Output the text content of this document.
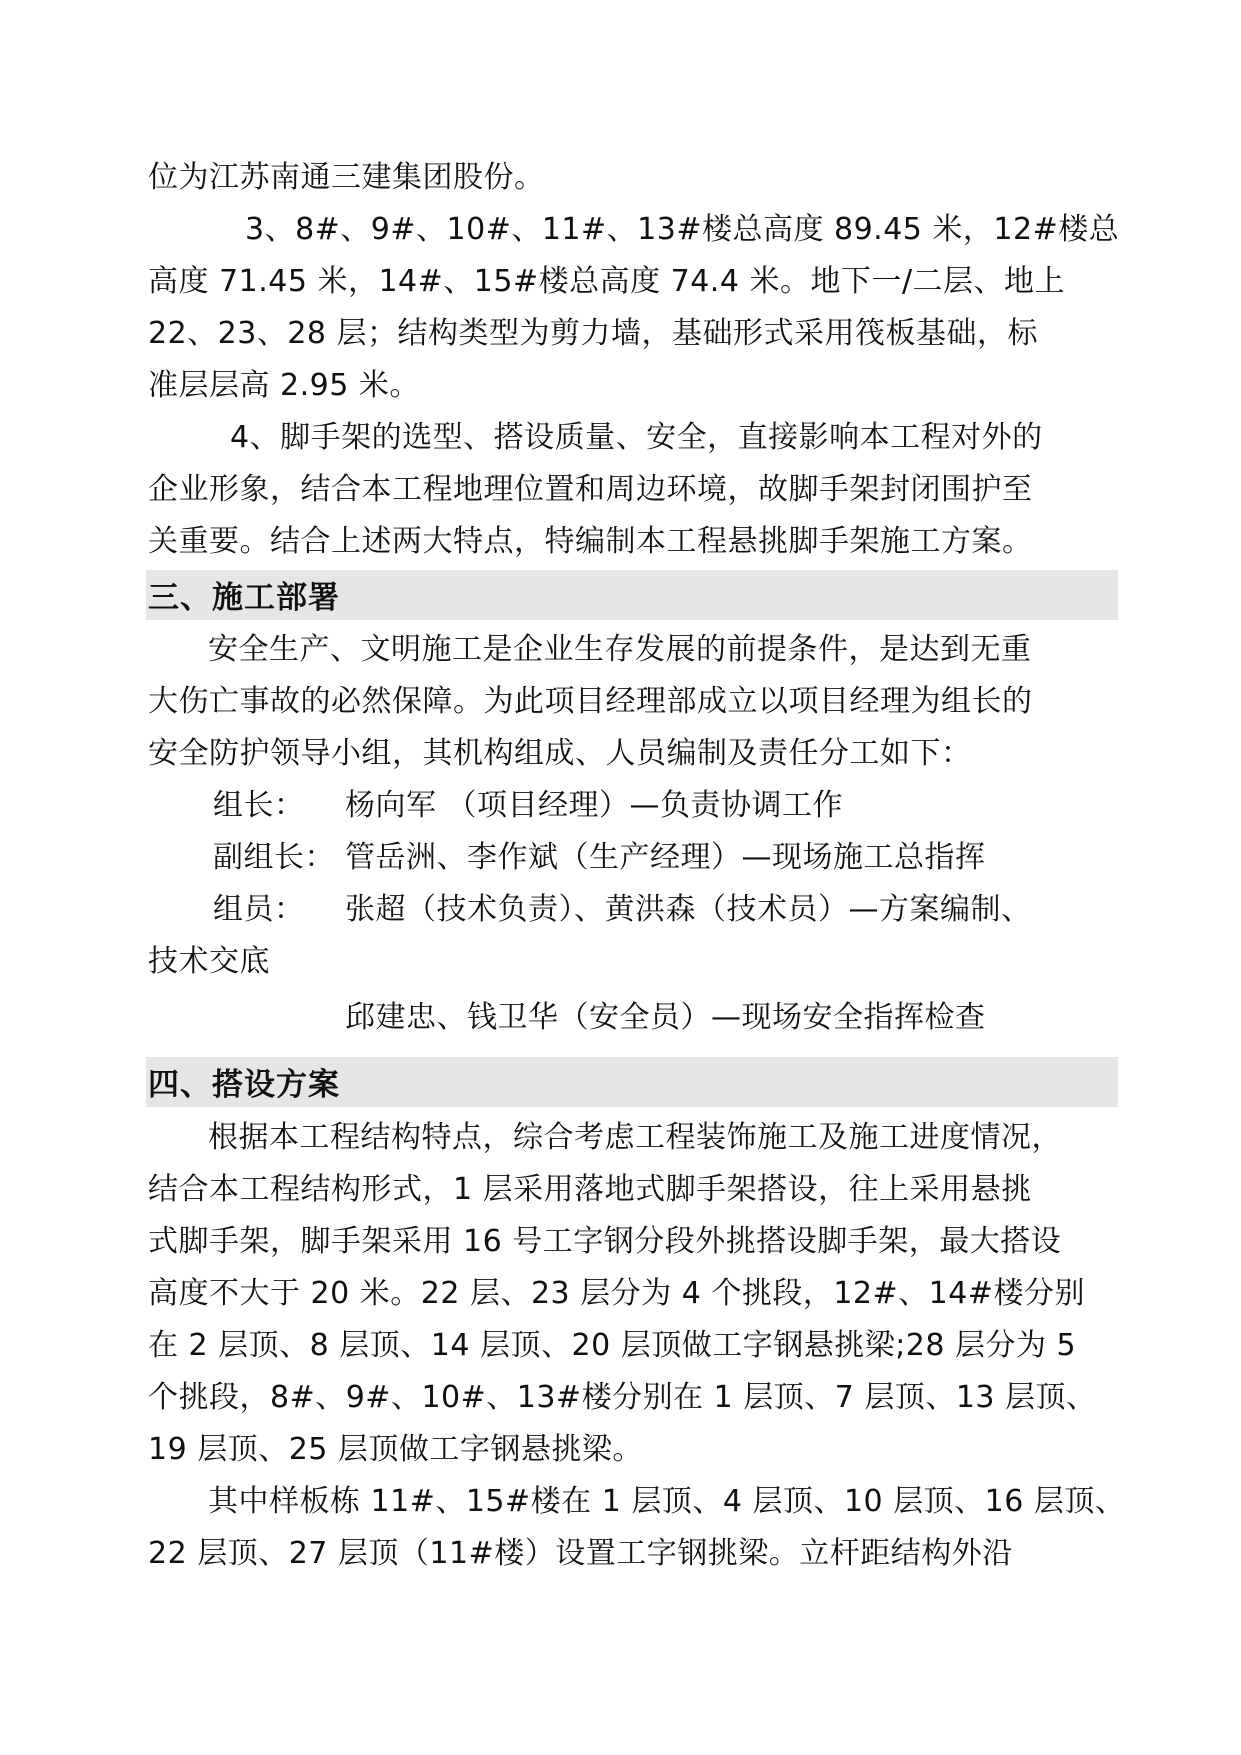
位为江苏南通三建集团股份。
3、8#、9#、10#、11#、13#楼总高度 89.45 米，12#楼总
高度 71.45 米，14#、15#楼总高度 74.4 米。地下一/二层、地上
22、23、28 层；结构类型为剪力墙，基础形式采用筏板基础，标
准层层高 2.95 米。
4、脚手架的选型、搭设质量、安全，直接影响本工程对外的
企业形象，结合本工程地理位置和周边环境，故脚手架封闭围护至
关重要。结合上述两大特点，特编制本工程悬挑脚手架施工方案。
三、施工部署
安全生产、文明施工是企业生存发展的前提条件，是达到无重
大伤亡事故的必然保障。为此项目经理部成立以项目经理为组长的
安全防护领导小组，其机构组成、人员编制及责任分工如下：
组长： 杨向军 （项目经理）—负责协调工作
副组长： 管岳洲、李作斌（生产经理）—现场施工总指挥
组员： 张超（技术负责）、黄洪森（技术员）—方案编制、
技术交底
邱建忠、钱卫华（安全员）—现场安全指挥检查
四、搭设方案
根据本工程结构特点，综合考虑工程装饰施工及施工进度情况，
结合本工程结构形式，1 层采用落地式脚手架搭设，往上采用悬挑
式脚手架，脚手架采用 16 号工字钢分段外挑搭设脚手架，最大搭设
高度不大于 20 米。22 层、23 层分为 4 个挑段，12#、14#楼分别
在 2 层顶、8 层顶、14 层顶、20 层顶做工字钢悬挑梁;28 层分为 5
个挑段，8#、9#、10#、13#楼分别在 1 层顶、7 层顶、13 层顶、
19 层顶、25 层顶做工字钢悬挑梁。
其中样板栋 11#、15#楼在 1 层顶、4 层顶、10 层顶、16 层顶、
22 层顶、27 层顶（11#楼）设置工字钢挑梁。立杆距结构外沿
